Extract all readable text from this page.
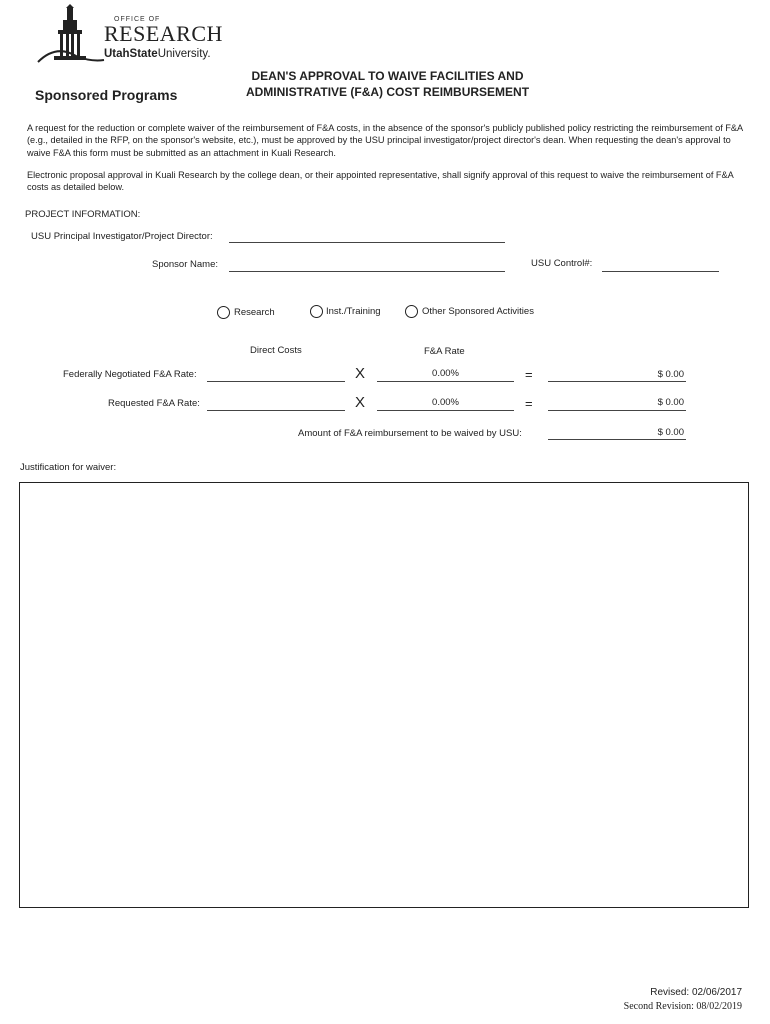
OFFICE OF
RESEARCH
UtahStateUniversity.
Sponsored Programs
DEAN'S APPROVAL TO WAIVE FACILITIES AND
ADMINISTRATIVE (F&A) COST REIMBURSEMENT
A request for the reduction or complete waiver of the reimbursement of F&A costs, in the absence of the sponsor's publicly published policy restricting the reimbursement of F&A (e.g., detailed in the RFP, on the sponsor's website, etc.), must be approved by the USU principal investigator/project director's dean. When requesting the dean's approval to waive F&A this form must be submitted as an attachment in Kuali Research.
Electronic proposal approval in Kuali Research by the college dean, or their appointed representative, shall signify approval of this request to waive the reimbursement of F&A costs as detailed below.
PROJECT INFORMATION:
USU Principal Investigator/Project Director:
Sponsor Name:	USU Control#:
Research	Inst./Training	Other Sponsored Activities
Direct Costs	F&A Rate
Federally Negotiated F&A Rate:	X	0.00%	=	$ 0.00
Requested F&A Rate:	X	0.00%	=	$ 0.00
Amount of F&A reimbursement to be waived by USU:	$ 0.00
Justification for waiver:
Revised: 02/06/2017
Second Revision: 08/02/2019
